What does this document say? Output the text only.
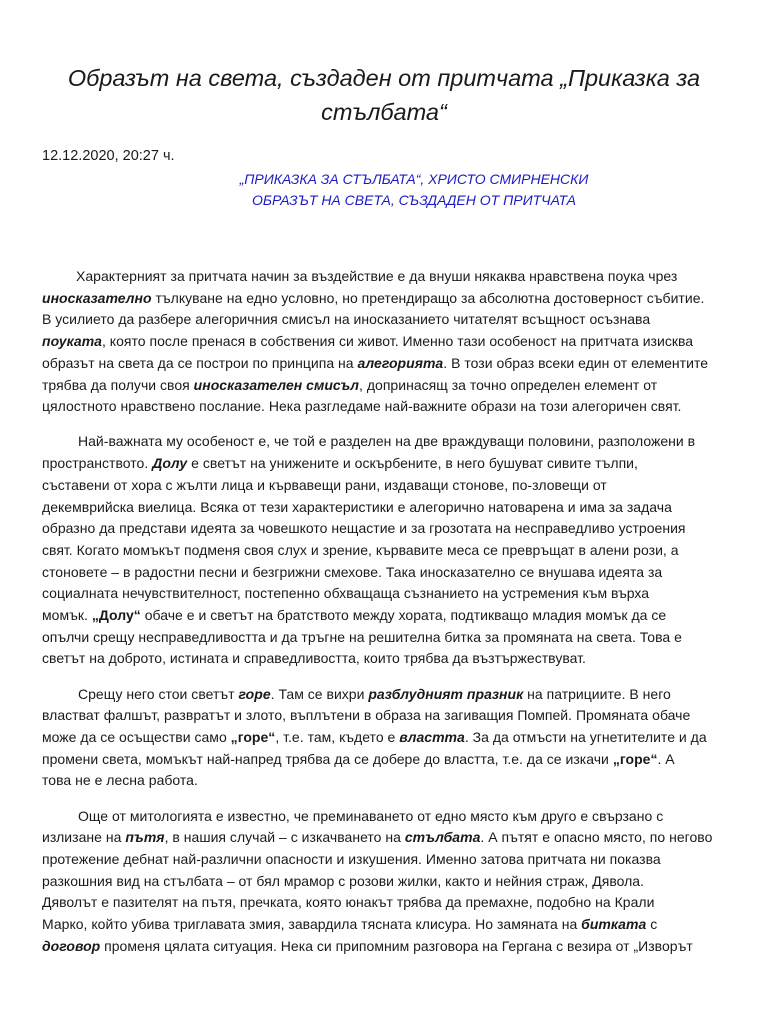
Образът на света, създаден от притчата „Приказка за стълбата“
12.12.2020, 20:27 ч.
„ПРИКАЗКА ЗА СТЪЛБАТА“, ХРИСТО СМИРНЕНСКИ
ОБРАЗЪТ НА СВЕТА, СЪЗДАДЕН ОТ ПРИТЧАТА
Характерният за притчата начин за въздействие е да внуши някаква нравствена поука чрез
иносказателно тълкуване на едно условно, но претендиращо за абсолютна достоверност събитие.
В усилието да разбере алегоричния смисъл на иносказанието читателят всъщност осъзнава
поуката, която после пренася в собствения си живот. Именно тази особеност на притчата изисква
образът на света да се построи по принципа на алегорията. В този образ всеки един от елементите
трябва да получи своя иносказателен смисъл, допринасящ за точно определен елемент от
цялостното нравствено послание. Нека разгледаме най-важните образи на този алегоричен свят.
Най-важната му особеност е, че той е разделен на две враждуващи половини, разположени в
пространството. Долу е светът на унижените и оскърбените, в него бушуват сивите тълпи,
съставени от хора с жълти лица и кървавещи рани, издаващи стонове, по-зловещи от
декемврийска виелица. Всяка от тези характеристики е алегорично натоварена и има за задача
образно да представи идеята за човешкото нещастие и за грозотата на несправедливо устроения
свят. Когато момъкът подменя своя слух и зрение, кървавите меса се превръщат в алени рози, а
стоновете – в радостни песни и безгрижни смехове. Така иносказателно се внушава идеята за
социалната нечувствителност, постепенно обхващаща съзнанието на устремения към върха
момък. „Долу“ обаче е и светът на братството между хората, подтикващо младия момък да се
опълчи срещу несправедливостта и да тръгне на решителна битка за промяната на света. Това е
светът на доброто, истината и справедливостта, които трябва да възтържествуват.
Срещу него стои светът горе. Там се вихри разблудният празник на патрициите. В него
властват фалшът, развратът и злото, въплътени в образа на загиващия Помпей. Промяната обаче
може да се осъществи само „горе“, т.е. там, където е властта. За да отмъсти на угнетителите и да
промени света, момъкът най-напред трябва да се добере до властта, т.е. да се изкачи „горе“. А
това не е лесна работа.
Още от митологията е известно, че преминаването от едно място към друго е свързано с
излизане на пътя, в нашия случай – с изкачването на стълбата. А пътят е опасно място, по негово
протежение дебнат най-различни опасности и изкушения. Именно затова притчата ни показва
разкошния вид на стълбата – от бял мрамор с розови жилки, както и нейния страж, Дявола.
Дяволът е пазителят на пътя, пречката, която юнакът трябва да премахне, подобно на Крали
Марко, който убива триглавата змия, завардила тясната клисура. Но замяната на битката с
договор променя цялата ситуация. Нека си припомним разговора на Гергана с везира от „Изворът
